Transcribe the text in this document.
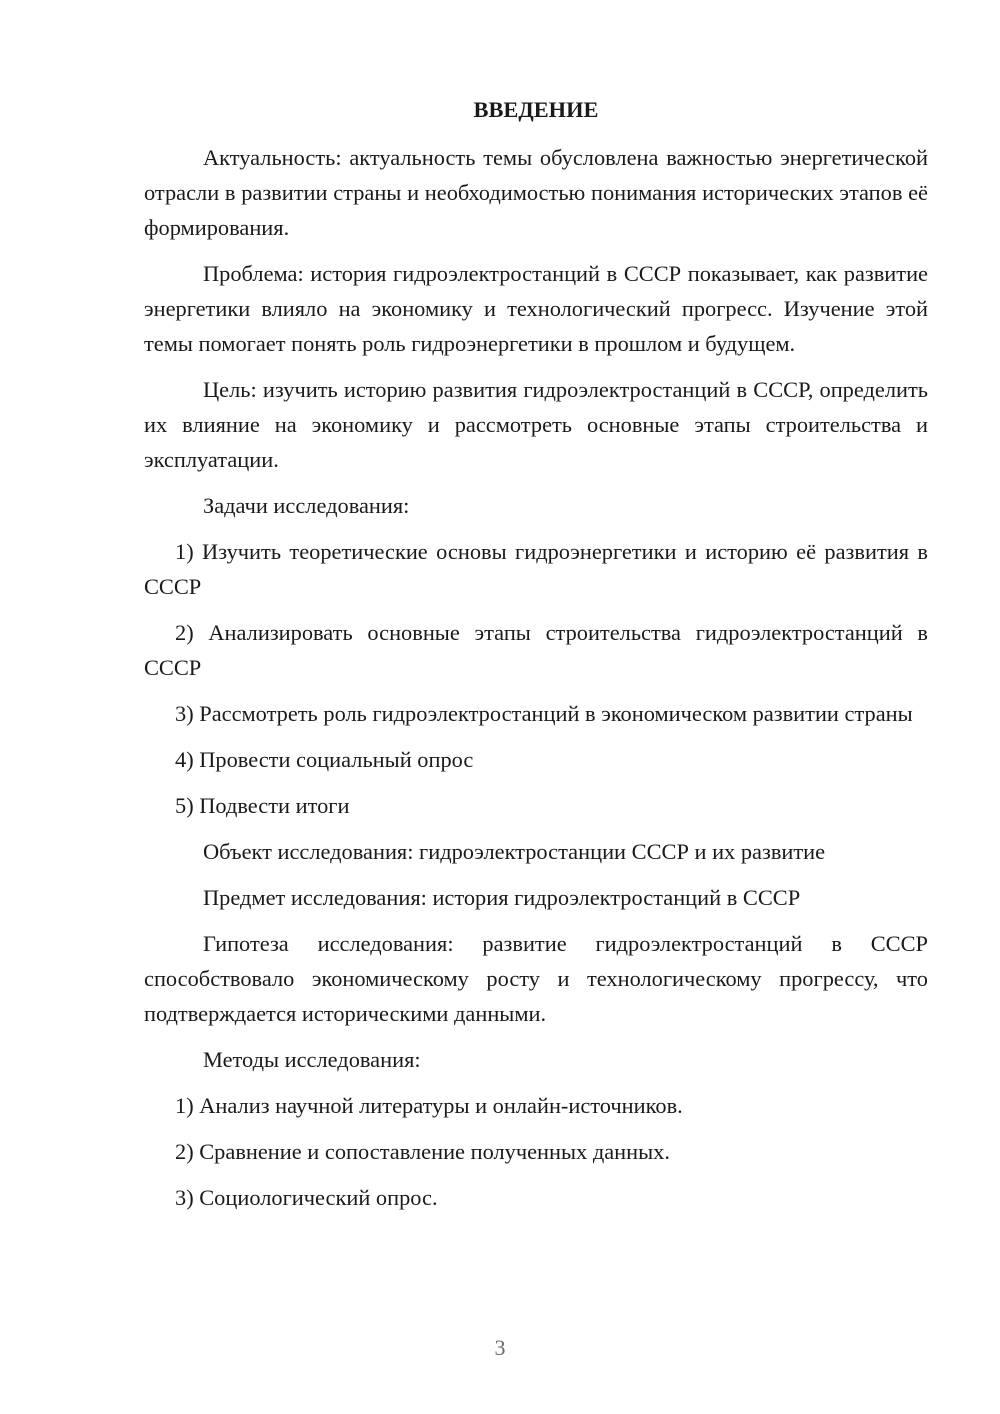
ВВЕДЕНИЕ

Актуальность: актуальность темы обусловлена важностью энергетической отрасли в развитии страны и необходимостью понимания исторических этапов её формирования.

Проблема: история гидроэлектростанций в СССР показывает, как развитие энергетики влияло на экономику и технологический прогресс. Изучение этой темы помогает понять роль гидроэнергетики в прошлом и будущем.

Цель: изучить историю развития гидроэлектростанций в СССР, определить их влияние на экономику и рассмотреть основные этапы строительства и эксплуатации.

Задачи исследования:

1) Изучить теоретические основы гидроэнергетики и историю её развития в СССР

2) Анализировать основные этапы строительства гидроэлектростанций в СССР

3) Рассмотреть роль гидроэлектростанций в экономическом развитии страны

4) Провести социальный опрос

5) Подвести итоги

Объект исследования: гидроэлектростанции СССР и их развитие

Предмет исследования: история гидроэлектростанций в СССР

Гипотеза исследования: развитие гидроэлектростанций в СССР способствовало экономическому росту и технологическому прогрессу, что подтверждается историческими данными.

Методы исследования:

1) Анализ научной литературы и онлайн-источников.

2) Сравнение и сопоставление полученных данных.

3) Социологический опрос.

3
